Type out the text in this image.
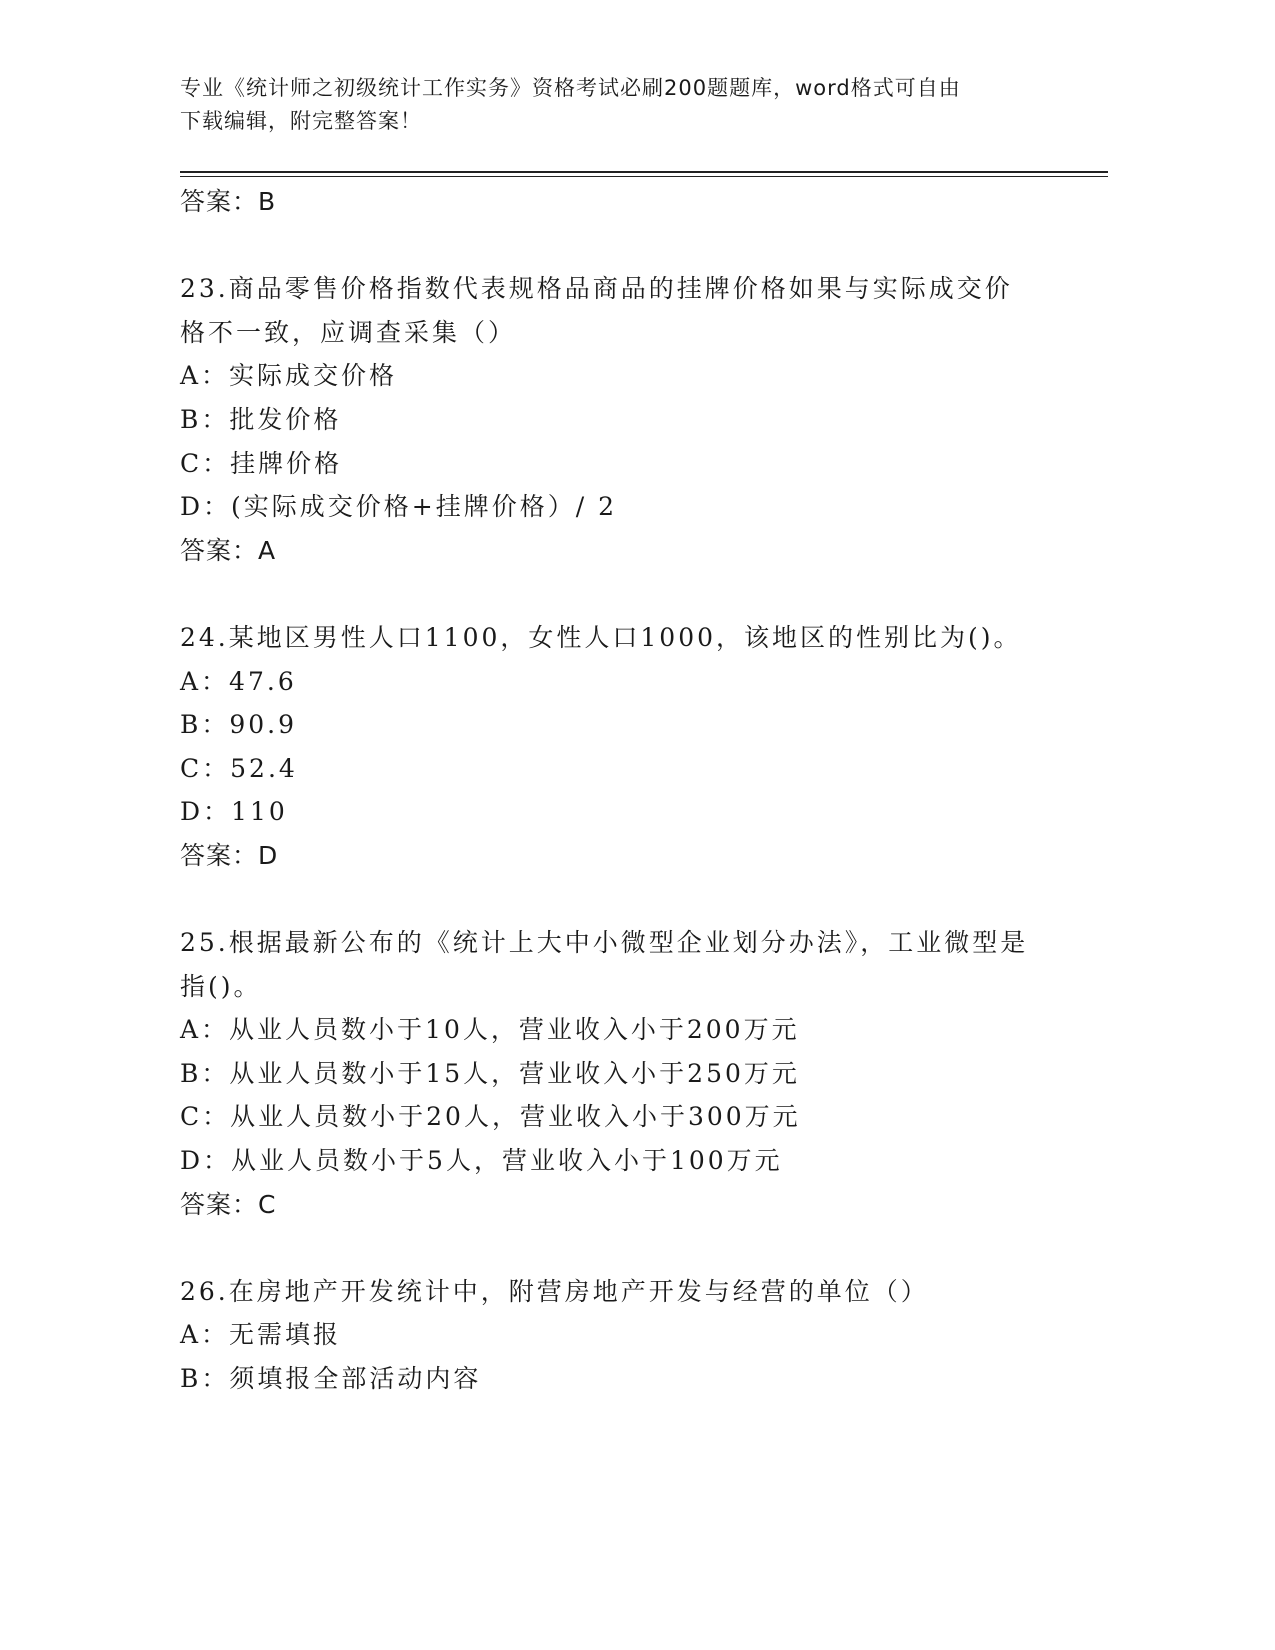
专业《统计师之初级统计工作实务》资格考试必刷200题题库，word格式可自由
下载编辑，附完整答案！
答案：B
23.商品零售价格指数代表规格品商品的挂牌价格如果与实际成交价格不一致，应调查采集（）
A：实际成交价格
B：批发价格
C：挂牌价格
D：(实际成交价格+挂牌价格）/ 2
答案：A
24.某地区男性人口1100，女性人口1000，该地区的性别比为()。
A：47.6
B：90.9
C：52.4
D：110
答案：D
25.根据最新公布的《统计上大中小微型企业划分办法》，工业微型是指()。
A：从业人员数小于10人，营业收入小于200万元
B：从业人员数小于15人，营业收入小于250万元
C：从业人员数小于20人，营业收入小于300万元
D：从业人员数小于5人，营业收入小于100万元
答案：C
26.在房地产开发统计中，附营房地产开发与经营的单位（）
A：无需填报
B：须填报全部活动内容
